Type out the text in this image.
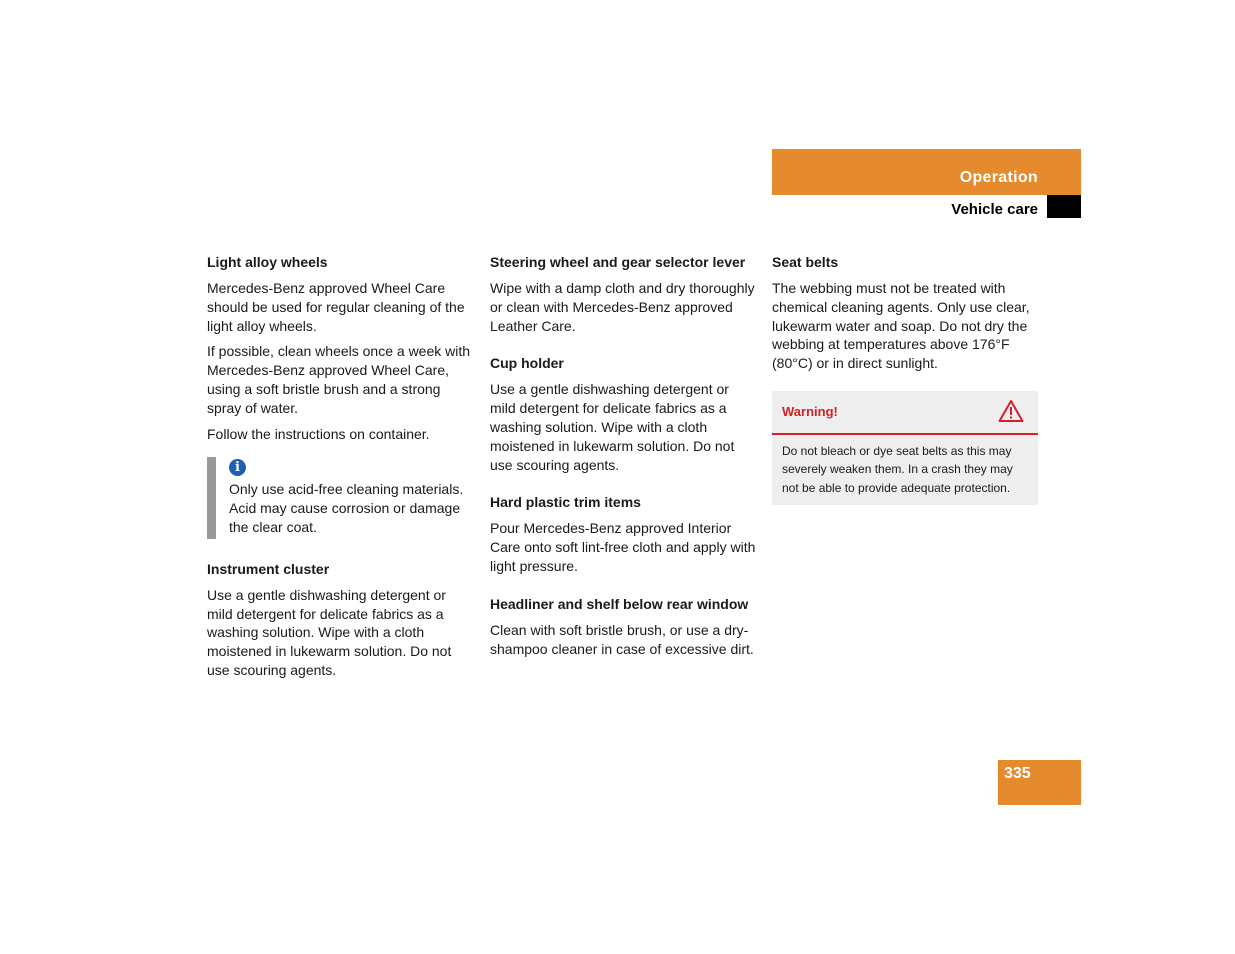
Operation
Vehicle care
Light alloy wheels

Mercedes-Benz approved Wheel Care should be used for regular cleaning of the light alloy wheels.

If possible, clean wheels once a week with Mercedes-Benz approved Wheel Care, using a soft bristle brush and a strong spray of water.

Follow the instructions on container.

i
Only use acid-free cleaning materials. Acid may cause corrosion or damage the clear coat.
Instrument cluster

Use a gentle dishwashing detergent or mild detergent for delicate fabrics as a washing solution. Wipe with a cloth moistened in lukewarm solution. Do not use scouring agents.

Steering wheel and gear selector lever

Wipe with a damp cloth and dry thoroughly or clean with Mercedes-Benz approved Leather Care.

Cup holder

Use a gentle dishwashing detergent or mild detergent for delicate fabrics as a washing solution. Wipe with a cloth moistened in lukewarm solution. Do not use scouring agents.

Hard plastic trim items

Pour Mercedes-Benz approved Interior Care onto soft lint-free cloth and apply with light pressure.

Headliner and shelf below rear window

Clean with soft bristle brush, or use a dry-shampoo cleaner in case of excessive dirt.

Seat belts

The webbing must not be treated with chemical cleaning agents. Only use clear, lukewarm water and soap. Do not dry the webbing at temperatures above 176°F (80°C) or in direct sunlight.

Warning!
Do not bleach or dye seat belts as this may severely weaken them. In a crash they may not be able to provide adequate protection.
335
